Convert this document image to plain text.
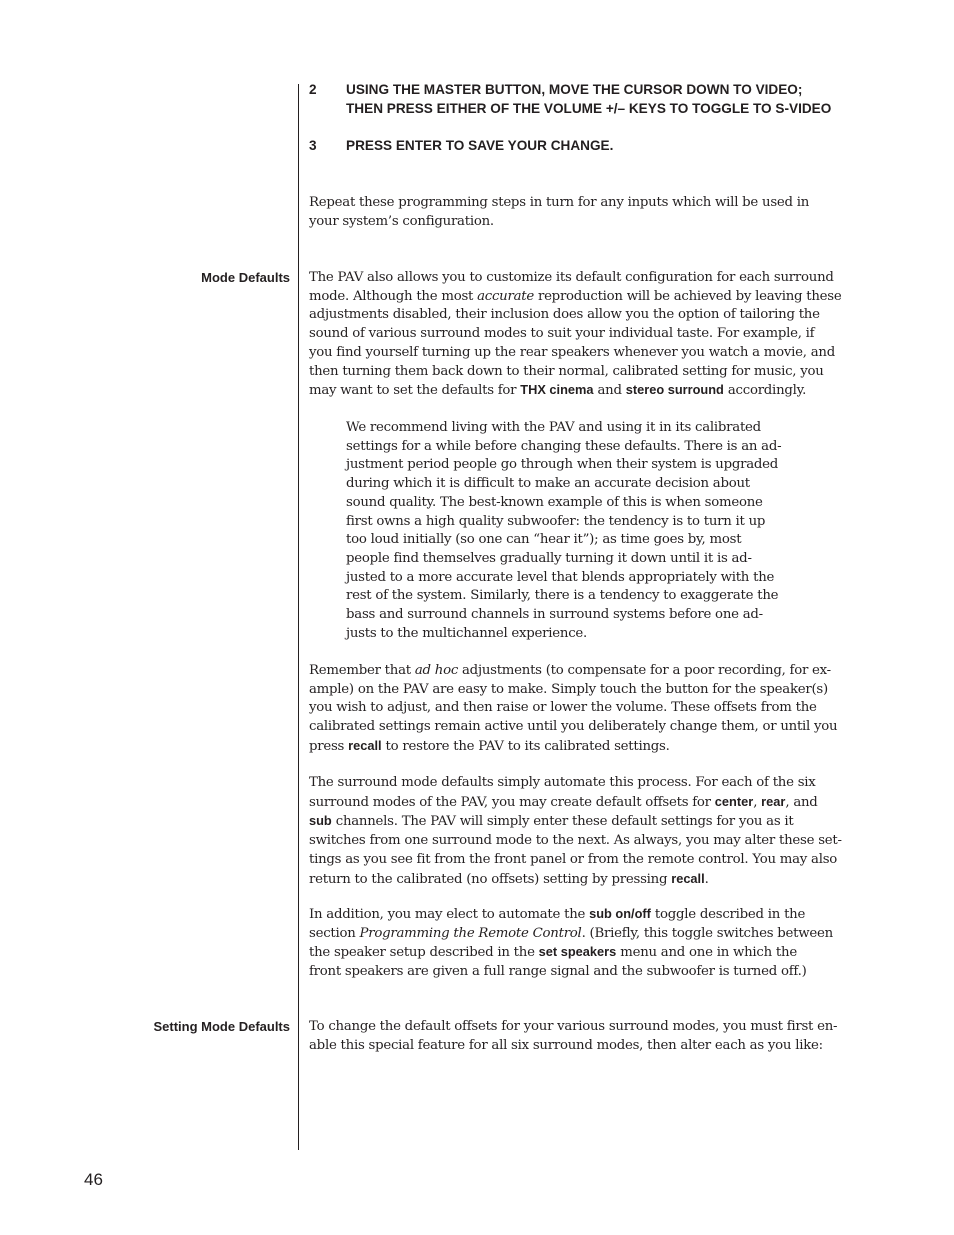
2 USING THE MASTER BUTTON, MOVE THE CURSOR DOWN TO VIDEO;
THEN PRESS EITHER OF THE VOLUME +/– KEYS TO TOGGLE TO S-VIDEO
3 PRESS ENTER TO SAVE YOUR CHANGE.
Repeat these programming steps in turn for any inputs which will be used in
your system’s configuration.
Mode Defaults The PAV also allows you to customize its default configuration for each surround
mode. Although the most accurate reproduction will be achieved by leaving these
adjustments disabled, their inclusion does allow you the option of tailoring the
sound of various surround modes to suit your individual taste. For example, if
you find yourself turning up the rear speakers whenever you watch a movie, and
then turning them back down to their normal, calibrated setting for music, you
may want to set the defaults for THX cinema and stereo surround accordingly.
We recommend living with the PAV and using it in its calibrated
settings for a while before changing these defaults. There is an ad-
justment period people go through when their system is upgraded
during which it is difficult to make an accurate decision about
sound quality. The best-known example of this is when someone
first owns a high quality subwoofer: the tendency is to turn it up
too loud initially (so one can “hear it”); as time goes by, most
people find themselves gradually turning it down until it is ad-
justed to a more accurate level that blends appropriately with the
rest of the system. Similarly, there is a tendency to exaggerate the
bass and surround channels in surround systems before one ad-
justs to the multichannel experience.
Remember that ad hoc adjustments (to compensate for a poor recording, for ex-
ample) on the PAV are easy to make. Simply touch the button for the speaker(s)
you wish to adjust, and then raise or lower the volume. These offsets from the
calibrated settings remain active until you deliberately change them, or until you
press recall to restore the PAV to its calibrated settings.
The surround mode defaults simply automate this process. For each of the six
surround modes of the PAV, you may create default offsets for center, rear, and
sub channels. The PAV will simply enter these default settings for you as it
switches from one surround mode to the next. As always, you may alter these set-
tings as you see fit from the front panel or from the remote control. You may also
return to the calibrated (no offsets) setting by pressing recall.
In addition, you may elect to automate the sub on/off toggle described in the
section Programming the Remote Control. (Briefly, this toggle switches between
the speaker setup described in the set speakers menu and one in which the
front speakers are given a full range signal and the subwoofer is turned off.)
Setting Mode Defaults To change the default offsets for your various surround modes, you must first en-
able this special feature for all six surround modes, then alter each as you like:
46
